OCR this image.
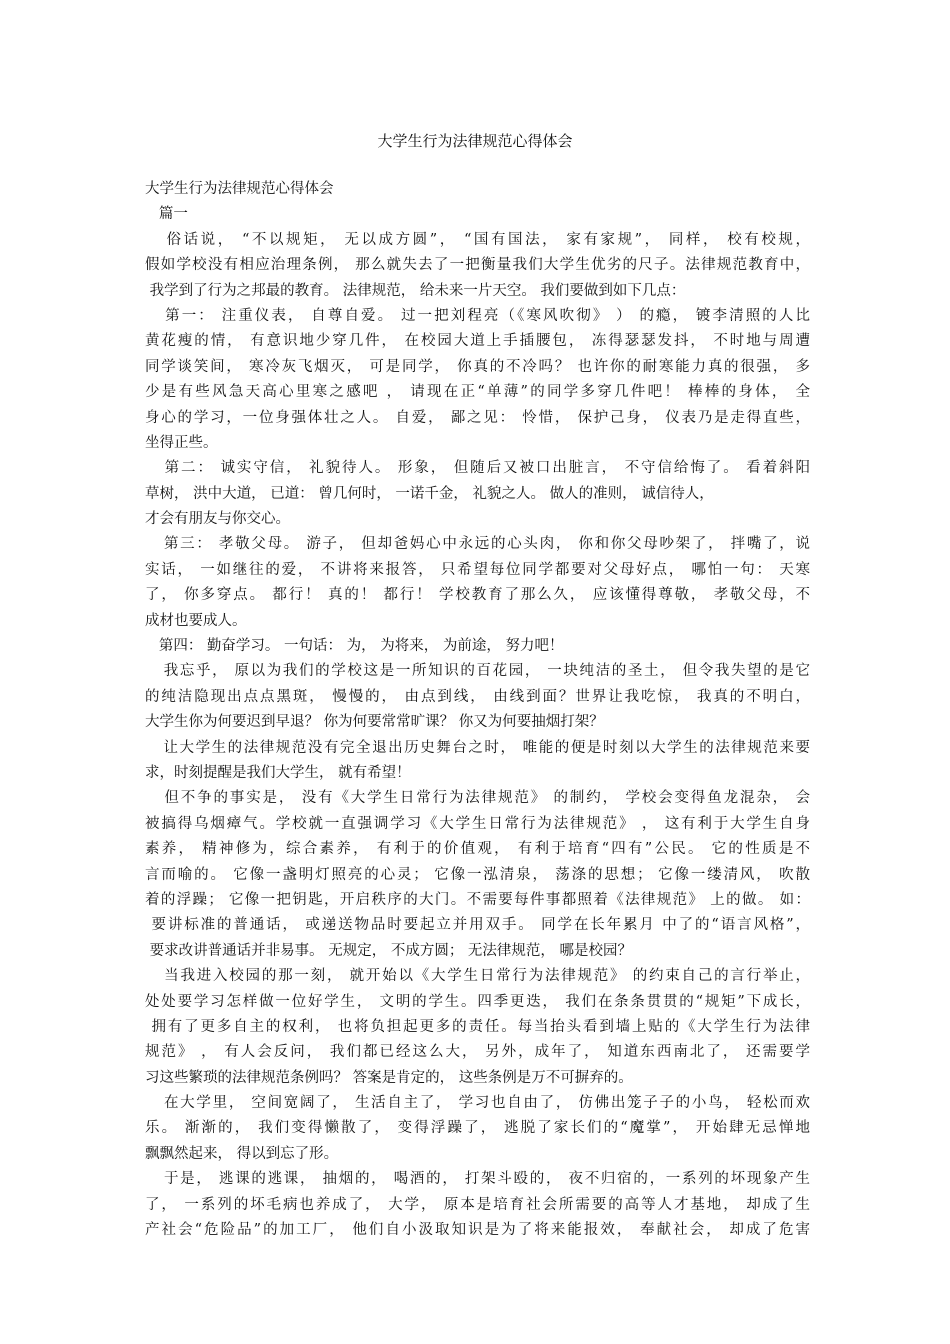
大学生行为法律规范心得体会
大学生行为法律规范心得体会
篇一
俗话说， “不以规矩， 无以成方圆”， “国有国法， 家有家规”， 同样， 校有校规，
假如学校没有相应治理条例， 那么就失去了一把衡量我们大学生优劣的尺子。法律规范教育中，
我学到了行为之邦最的教育。 法律规范， 给未来一片天空。 我们要做到如下几点：
第一： 注重仪表， 自尊自爱。 过一把刘程亮（《寒风吹彻》 ） 的瘾， 镀李清照的人比
黄花瘦的情， 有意识地少穿几件， 在校园大道上手插腰包， 冻得瑟瑟发抖， 不时地与周遭
同学谈笑间， 寒冷灰飞烟灭， 可是同学， 你真的不冷吗？ 也许你的耐寒能力真的很强， 多
少是有些风急天高心里寒之感吧 ， 请现在正“单薄”的同学多穿几件吧！ 棒棒的身体， 全
身心的学习，一位身强体壮之人。 自爱， 鄙之见： 怜惜， 保护己身， 仪表乃是走得直些，
坐得正些。
第二： 诚实守信， 礼貌待人。 形象， 但随后又被口出脏言， 不守信给悔了。 看着斜阳
草树， 洪中大道， 已道： 曾几何时， 一诺千金， 礼貌之人。 做人的准则， 诚信待人，
才会有朋友与你交心。
第三： 孝敬父母。 游子， 但却爸妈心中永远的心头肉， 你和你父母吵架了， 拌嘴了，说
实话， 一如继往的爱， 不讲将来报答， 只希望每位同学都要对父母好点， 哪怕一句： 天寒
了， 你多穿点。 都行！ 真的！ 都行！ 学校教育了那么久， 应该懂得尊敬， 孝敬父母，不
成材也要成人。
第四： 勤奋学习。 一句话： 为， 为将来， 为前途， 努力吧！
我忘乎， 原以为我们的学校这是一所知识的百花园， 一块纯洁的圣土， 但令我失望的是它
的纯洁隐现出点点黑斑， 慢慢的， 由点到线， 由线到面？世界让我吃惊， 我真的不明白，
大学生你为何要迟到早退？ 你为何要常常旷课？ 你又为何要抽烟打架？
让大学生的法律规范没有完全退出历史舞台之时， 唯能的便是时刻以大学生的法律规范来要
求，时刻提醒是我们大学生， 就有希望！
但不争的事实是， 没有《大学生日常行为法律规范》 的制约， 学校会变得鱼龙混杂， 会
被搞得乌烟瘴气。学校就一直强调学习《大学生日常行为法律规范》 ， 这有利于大学生自身
素养， 精神修为，综合素养， 有利于的价值观， 有利于培育“四有”公民。 它的性质是不
言而喻的。 它像一盏明灯照亮的心灵； 它像一泓清泉， 荡涤的思想； 它像一缕清风， 吹散
着的浮躁； 它像一把钥匙，开启秩序的大门。不需要每件事都照着《法律规范》 上的做。 如：
要讲标准的普通话， 或递送物品时要起立并用双手。 同学在长年累月 中了的“语言风格”，
要求改讲普通话并非易事。 无规定， 不成方圆； 无法律规范， 哪是校园？
当我进入校园的那一刻， 就开始以《大学生日常行为法律规范》 的约束自己的言行举止，
处处要学习怎样做一位好学生， 文明的学生。四季更迭， 我们在条条贯贯的“规矩”下成长，
拥有了更多自主的权利， 也将负担起更多的责任。每当抬头看到墙上贴的《大学生行为法律
规范》 ， 有人会反问， 我们都已经这么大， 另外，成年了， 知道东西南北了， 还需要学
习这些繁琐的法律规范条例吗？ 答案是肯定的， 这些条例是万不可摒弃的。
在大学里， 空间宽阔了， 生活自主了， 学习也自由了， 仿佛出笼子子的小鸟， 轻松而欢
乐。 渐渐的， 我们变得懒散了， 变得浮躁了， 逃脱了家长们的“魔掌”， 开始肆无忌惮地
飘飘然起来， 得以到忘了形。
于是， 逃课的逃课， 抽烟的， 喝酒的， 打架斗殴的， 夜不归宿的，一系列的坏现象产生
了， 一系列的坏毛病也养成了， 大学， 原本是培育社会所需要的高等人才基地， 却成了生
产社会“危险品”的加工厂， 他们自小汲取知识是为了将来能报效， 奉献社会， 却成了危害
